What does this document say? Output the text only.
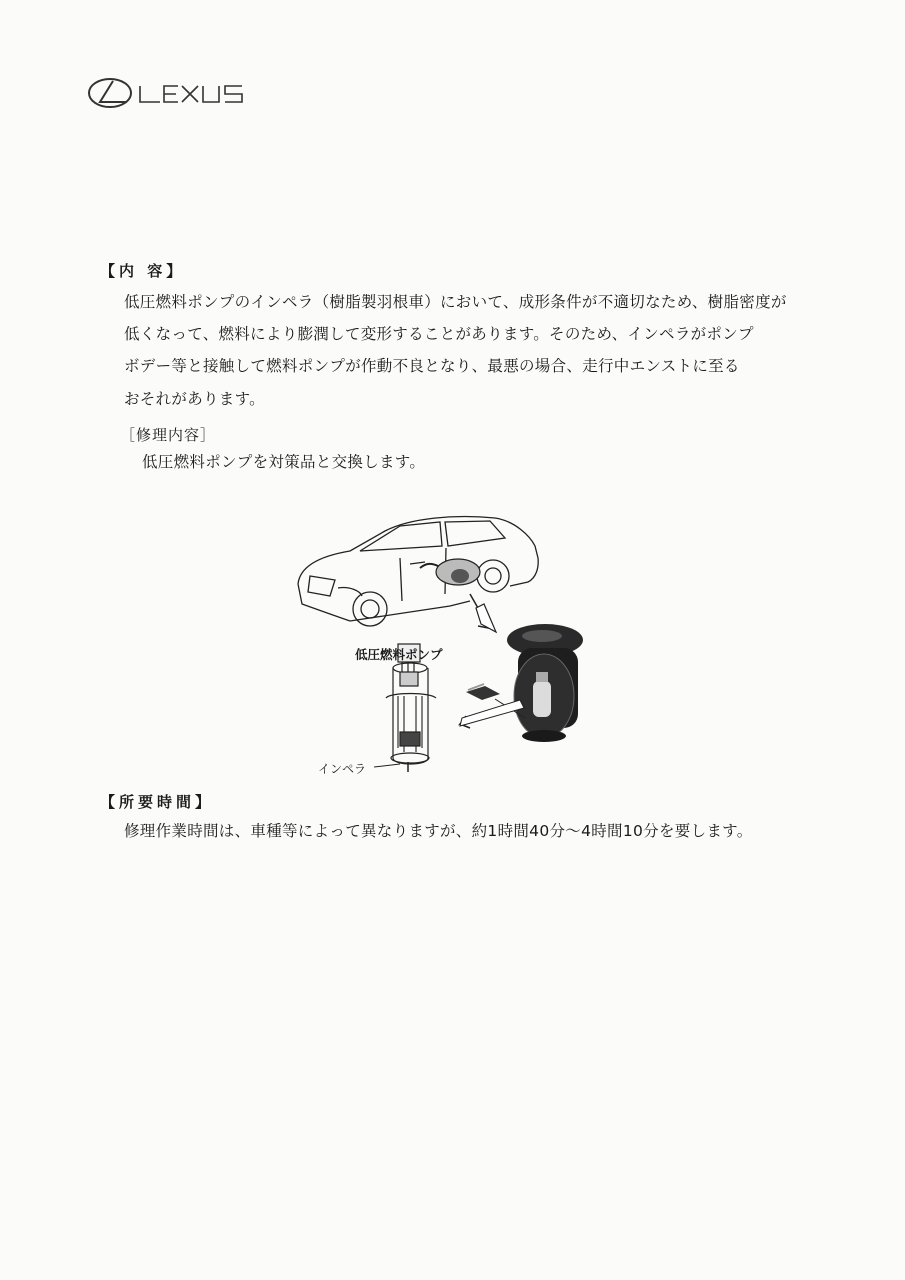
【内 容】
低圧燃料ポンプのインペラ（樹脂製羽根車）において、成形条件が不適切なため、樹脂密度が
低くなって、燃料により膨潤して変形することがあります。そのため、インペラがポンプ
ボデー等と接触して燃料ポンプが作動不良となり、最悪の場合、走行中エンストに至る
おそれがあります。
［修理内容］
低圧燃料ポンプを対策品と交換します。
低圧燃料ポンプ
インペラ
【所要時間】
修理作業時間は、車種等によって異なりますが、約1時間40分～4時間10分を要します。
